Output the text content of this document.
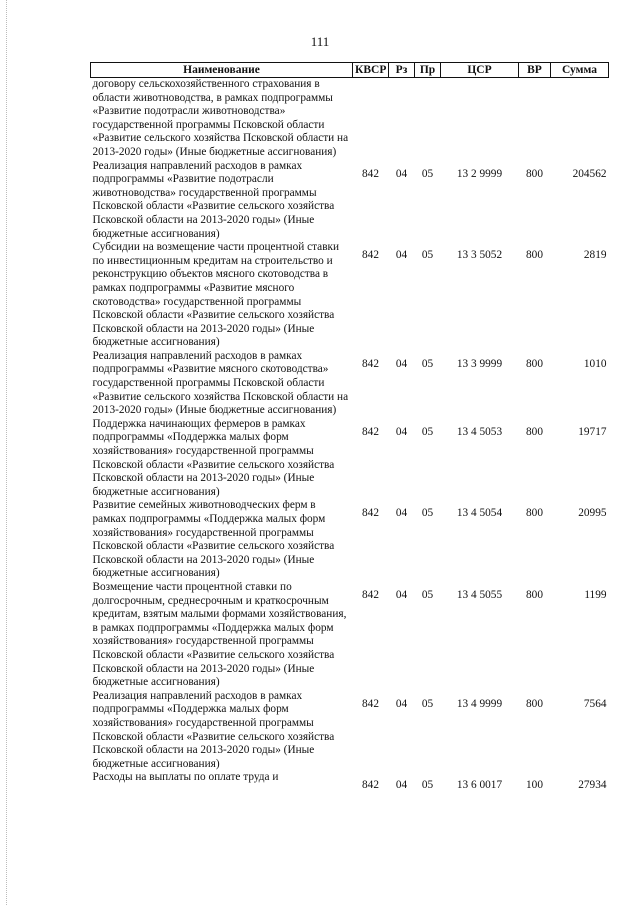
111
Наименование	КВСР	Рз	Пр	ЦСР	ВР	Сумма
договору сельскохозяйственного страхования в области животноводства, в рамках подпрограммы «Развитие подотрасли животноводства» государственной программы Псковской области «Развитие сельского хозяйства Псковской области на 2013-2020 годы» (Иные бюджетные ассигнования)						
Реализация направлений расходов в рамках подпрограммы «Развитие подотрасли животноводства» государственной программы Псковской области «Развитие сельского хозяйства Псковской области на 2013-2020 годы» (Иные бюджетные ассигнования)	842	04	05	13 2 9999	800	204562
Субсидии на возмещение части процентной ставки по инвестиционным кредитам на строительство и реконструкцию объектов мясного скотоводства в рамках подпрограммы «Развитие мясного скотоводства» государственной программы Псковской области «Развитие сельского хозяйства Псковской области на 2013-2020 годы» (Иные бюджетные ассигнования)	842	04	05	13 3 5052	800	2819
Реализация направлений расходов в рамках подпрограммы «Развитие мясного скотоводства» государственной программы Псковской области «Развитие сельского хозяйства Псковской области на 2013-2020 годы» (Иные бюджетные ассигнования)	842	04	05	13 3 9999	800	1010
Поддержка начинающих фермеров в рамках подпрограммы «Поддержка малых форм хозяйствования» государственной программы Псковской области «Развитие сельского хозяйства Псковской области на 2013-2020 годы» (Иные бюджетные ассигнования)	842	04	05	13 4 5053	800	19717
Развитие семейных животноводческих ферм в рамках подпрограммы «Поддержка малых форм хозяйствования» государственной программы Псковской области «Развитие сельского хозяйства Псковской области на 2013-2020 годы» (Иные бюджетные ассигнования)	842	04	05	13 4 5054	800	20995
Возмещение части процентной ставки по долгосрочным, среднесрочным и краткосрочным кредитам, взятым малыми формами хозяйствования, в рамках подпрограммы «Поддержка малых форм хозяйствования» государственной программы Псковской области «Развитие сельского хозяйства Псковской области на 2013-2020 годы» (Иные бюджетные ассигнования)	842	04	05	13 4 5055	800	1199
Реализация направлений расходов в рамках подпрограммы «Поддержка малых форм хозяйствования» государственной программы Псковской области «Развитие сельского хозяйства Псковской области на 2013-2020 годы» (Иные бюджетные ассигнования)	842	04	05	13 4 9999	800	7564
Расходы на выплаты по оплате труда и	842	04	05	13 6 0017	100	27934
